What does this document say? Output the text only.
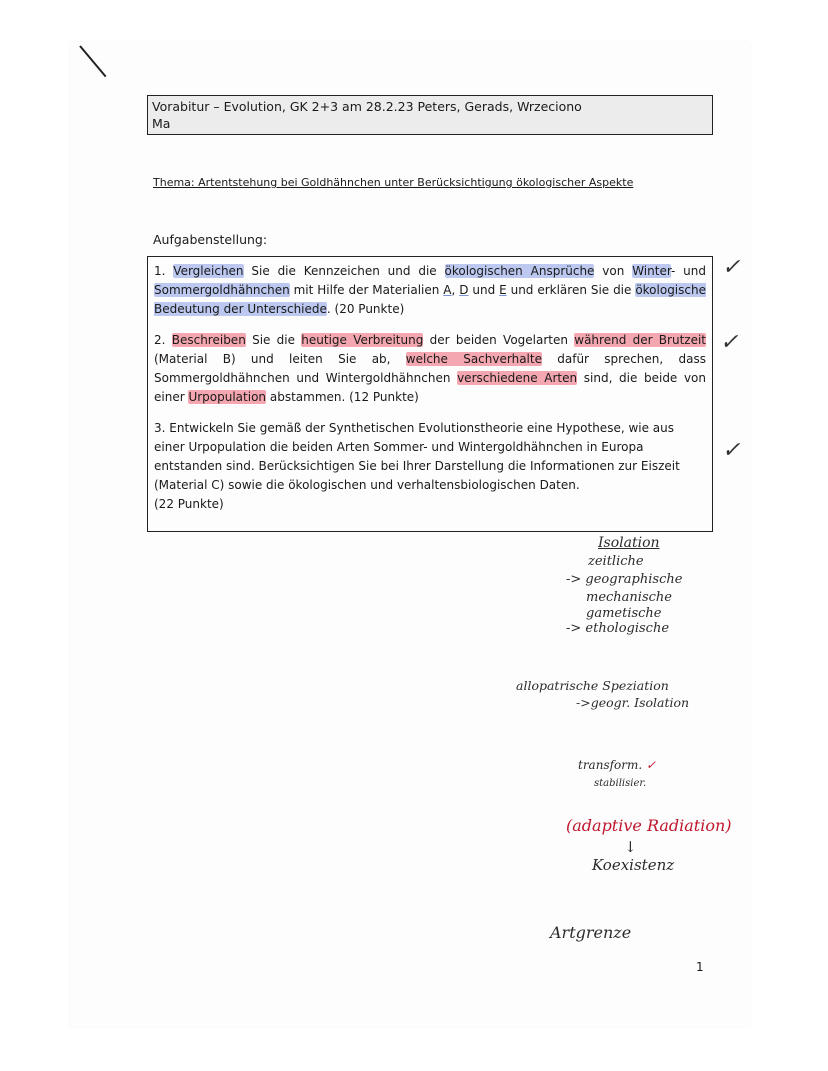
Vorabitur – Evolution, GK 2+3 am 28.2.23 Peters, Gerads, Wrzeciono
Ma
Thema: Artentstehung bei Goldhähnchen unter Berücksichtigung ökologischer Aspekte
Aufgabenstellung:
1. Vergleichen Sie die Kennzeichen und die ökologischen Ansprüche von Winter- und Sommergoldhähnchen mit Hilfe der Materialien A, D und E und erklären Sie die ökologische Bedeutung der Unterschiede. (20 Punkte)
2. Beschreiben Sie die heutige Verbreitung der beiden Vogelarten während der Brutzeit (Material B) und leiten Sie ab, welche Sachverhalte dafür sprechen, dass Sommergoldhähnchen und Wintergoldhähnchen verschiedene Arten sind, die beide von einer Urpopulation abstammen. (12 Punkte)
3. Entwickeln Sie gemäß der Synthetischen Evolutionstheorie eine Hypothese, wie aus einer Urpopulation die beiden Arten Sommer- und Wintergoldhähnchen in Europa entstanden sind. Berücksichtigen Sie bei Ihrer Darstellung die Informationen zur Eiszeit (Material C) sowie die ökologischen und verhaltensbiologischen Daten.
(22 Punkte)
✓
✓
✓
Isolation
zeitliche
-> geographische
mechanische
gametische
-> ethologische
allopatrische Speziation
->geogr. Isolation
transform. ✓
stabilisier.
(adaptive Radiation)
↓
Koexistenz
Artgrenze
1
